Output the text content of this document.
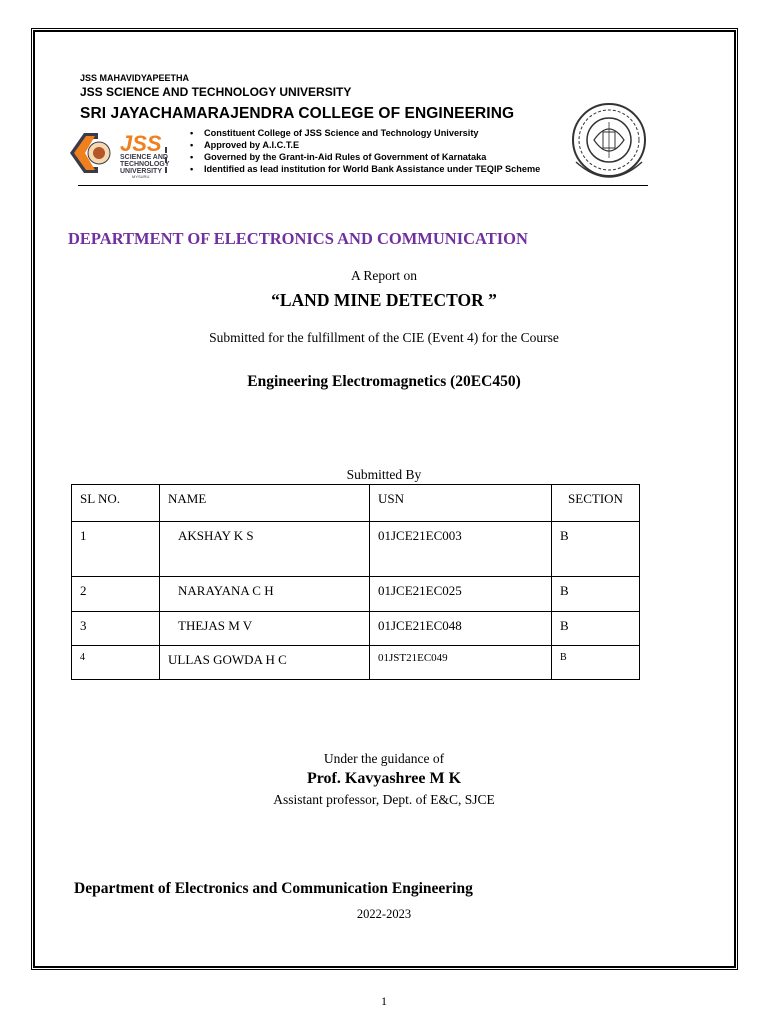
JSS MAHAVIDYAPEETHA
JSS SCIENCE AND TECHNOLOGY UNIVERSITY
SRI JAYACHAMARAJENDRA COLLEGE OF ENGINEERING
JSS
SCIENCE AND
TECHNOLOGY
UNIVERSITY
MYSURU
• Constituent College of JSS Science and Technology University
• Approved by A.I.C.T.E
• Governed by the Grant-in-Aid Rules of Government of Karnataka
• Identified as lead institution for World Bank Assistance under TEQIP Scheme
DEPARTMENT OF ELECTRONICS AND COMMUNICATION
A Report on
“LAND MINE DETECTOR ”
Submitted for the fulfillment of the CIE (Event 4) for the Course
Engineering Electromagnetics (20EC450)
Submitted By
SL NO.	NAME	USN	SECTION
1	AKSHAY K S	01JCE21EC003	B
2	NARAYANA C H	01JCE21EC025	B
3	THEJAS M V	01JCE21EC048	B
4	ULLAS GOWDA H C	01JST21EC049	B
Under the guidance of
Prof. Kavyashree M K
Assistant professor, Dept. of E&C, SJCE
Department of Electronics and Communication Engineering
2022-2023
1
